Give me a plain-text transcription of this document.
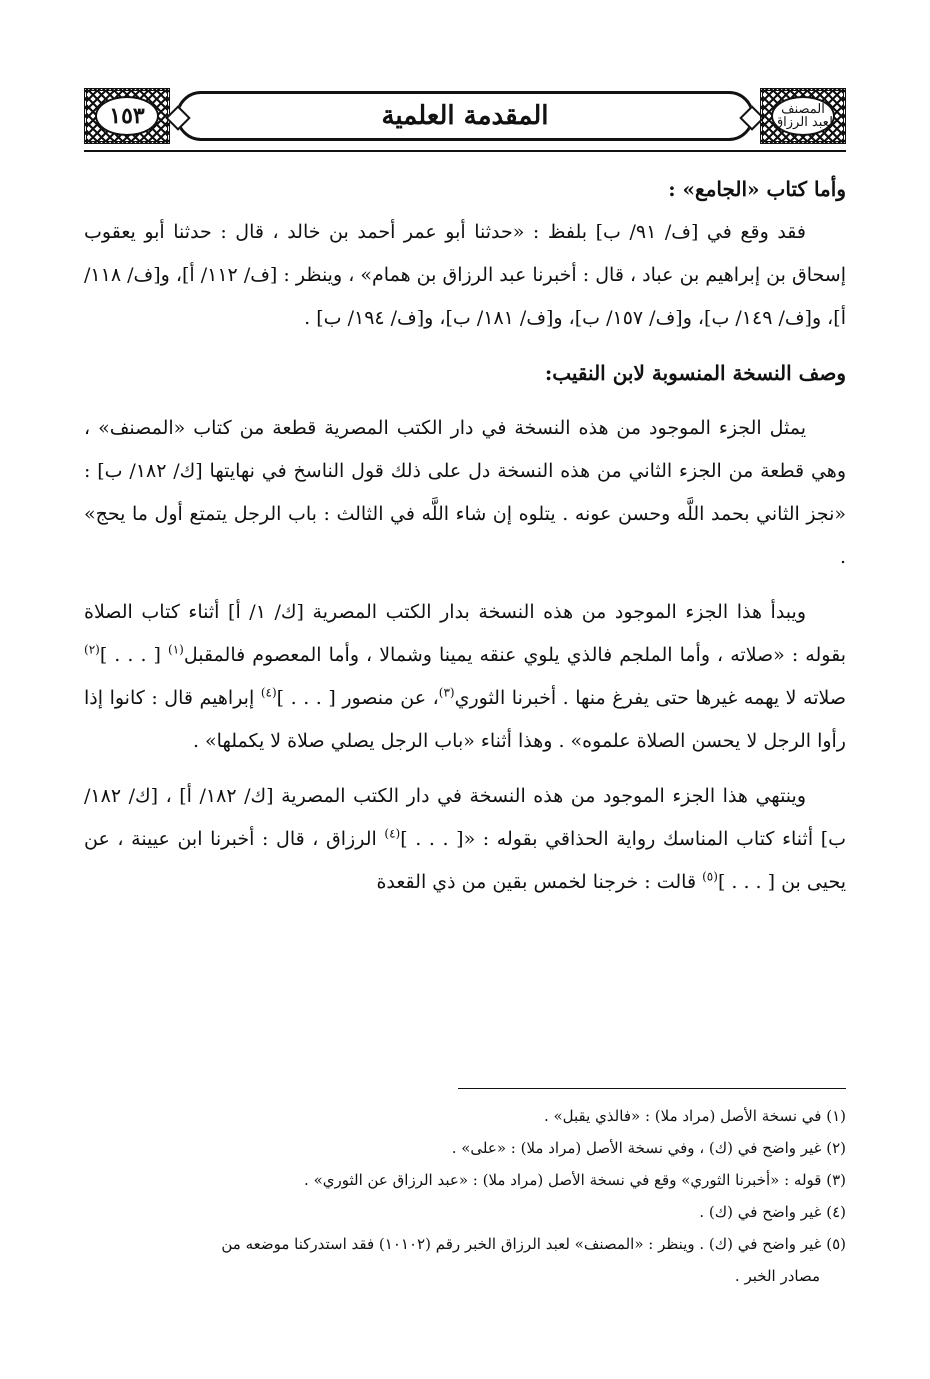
١٥٣	المقدمة العلمية	المصنف
لعبد الرزاق

وأما كتاب «الجامع» :

فقد وقع في [ف/ ٩١/ ب] بلفظ : «حدثنا أبو عمر أحمد بن خالد ، قال : حدثنا أبو يعقوب إسحاق بن إبراهيم بن عباد ، قال : أخبرنا عبد الرزاق بن همام» ، وينظر : [ف/ ١١٢/ أ]، و[ف/ ١١٨/ أ]، و[ف/ ١٤٩/ ب]، و[ف/ ١٥٧/ ب]، و[ف/ ١٨١/ ب]، و[ف/ ١٩٤/ ب] .

وصف النسخة المنسوبة لابن النقيب:

يمثل الجزء الموجود من هذه النسخة في دار الكتب المصرية قطعة من كتاب «المصنف» ، وهي قطعة من الجزء الثاني من هذه النسخة دل على ذلك قول الناسخ في نهايتها [ك/ ١٨٢/ ب] : «نجز الثاني بحمد اللَّه وحسن عونه . يتلوه إن شاء اللَّه في الثالث : باب الرجل يتمتع أول ما يحج» .

ويبدأ هذا الجزء الموجود من هذه النسخة بدار الكتب المصرية [ك/ ١/ أ] أثناء كتاب الصلاة بقوله : «صلاته ، وأما الملجم فالذي يلوي عنقه يمينا وشمالا ، وأما المعصوم فالمقبل$^{(١)}$ [ . . . ]$^{(٢)}$ صلاته لا يهمه غيرها حتى يفرغ منها . أخبرنا الثوري$^{(٣)}$، عن منصور [ . . . ]$^{(٤)}$ إبراهيم قال : كانوا إذا رأوا الرجل لا يحسن الصلاة علموه» . وهذا أثناء «باب الرجل يصلي صلاة لا يكملها» .

وينتهي هذا الجزء الموجود من هذه النسخة في دار الكتب المصرية [ك/ ١٨٢/ أ] ، [ك/ ١٨٢/ ب] أثناء كتاب المناسك رواية الحذاقي بقوله : «[ . . . ]$^{(٤)}$ الرزاق ، قال : أخبرنا ابن عيينة ، عن يحيى بن [ . . . ]$^{(٥)}$ قالت : خرجنا لخمس بقين من ذي القعدة

(١) في نسخة الأصل (مراد ملا) : «فالذي يقبل» .

(٢) غير واضح في (ك) ، وفي نسخة الأصل (مراد ملا) : «على» .

(٣) قوله : «أخبرنا الثوري» وقع في نسخة الأصل (مراد ملا) : «عبد الرزاق عن الثوري» .

(٤) غير واضح في (ك) .

(٥) غير واضح في (ك) . وينظر : «المصنف» لعبد الرزاق الخبر رقم (١٠١٠٢) فقد استدركنا موضعه من

مصادر الخبر .
